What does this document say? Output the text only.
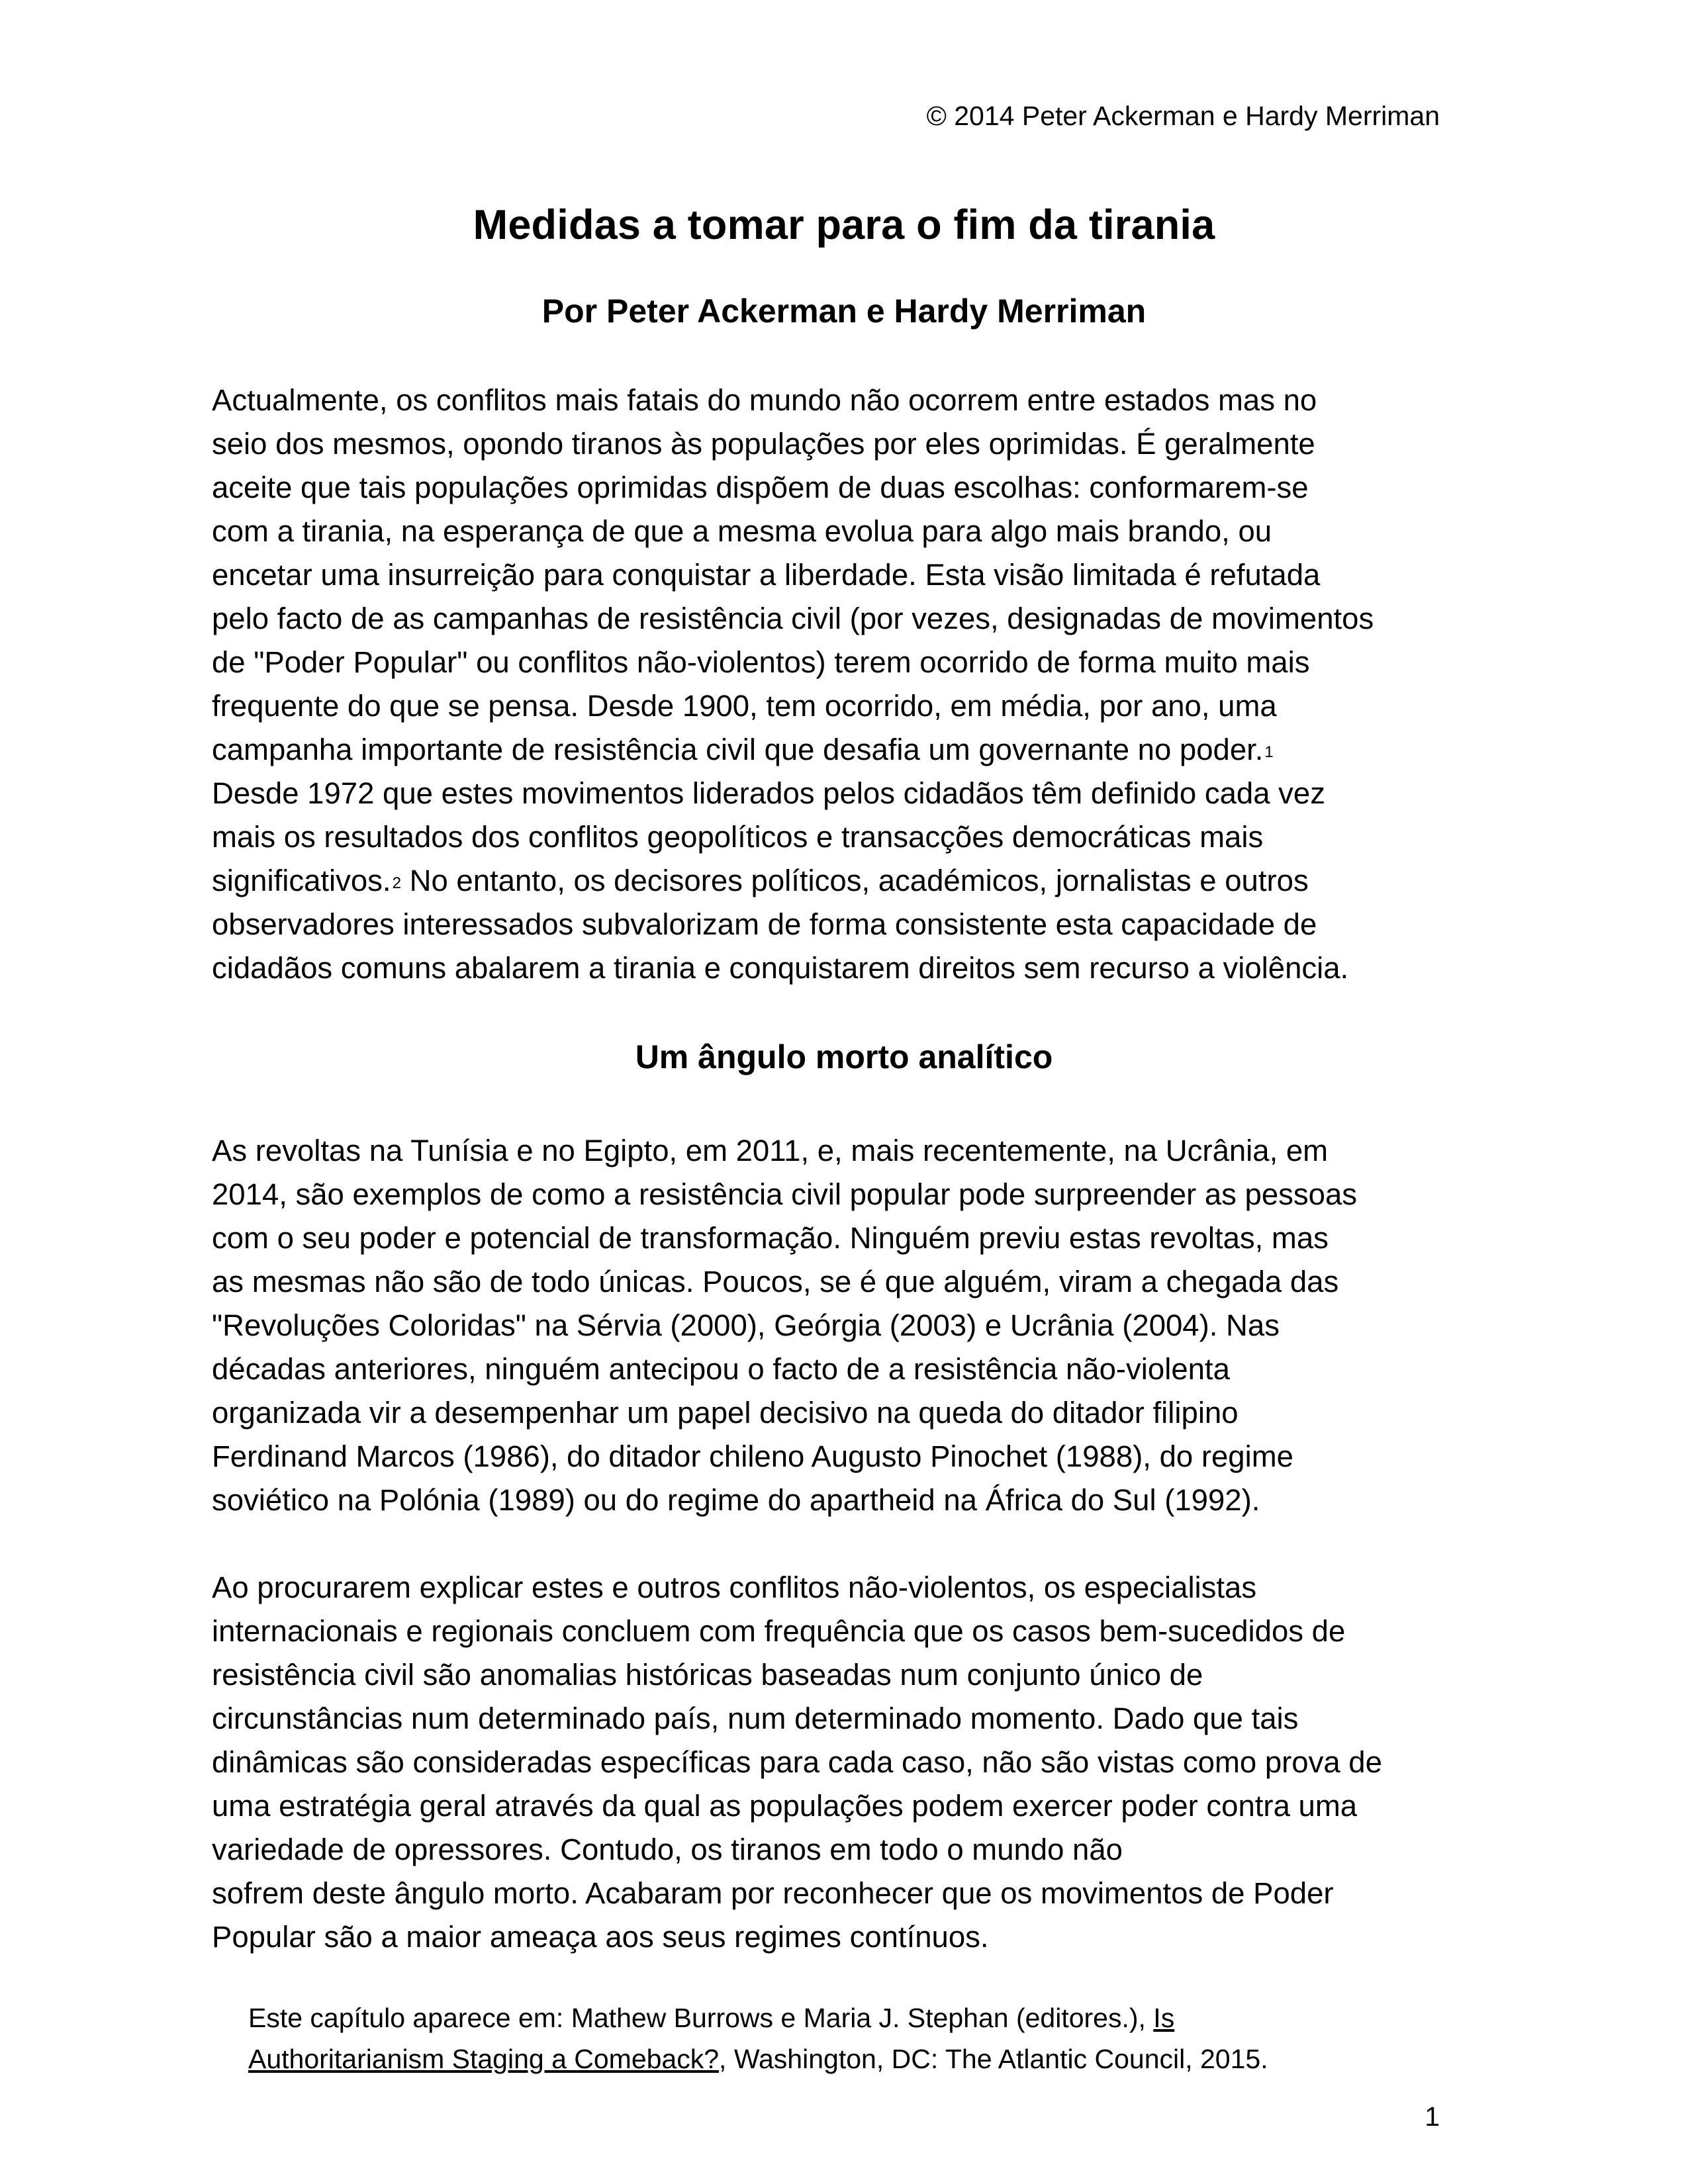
© 2014 Peter Ackerman e Hardy Merriman
Medidas a tomar para o fim da tirania
Por Peter Ackerman e Hardy Merriman
Actualmente, os conflitos mais fatais do mundo não ocorrem entre estados mas no
seio dos mesmos, opondo tiranos às populações por eles oprimidas. É geralmente
aceite que tais populações oprimidas dispõem de duas escolhas: conformarem-se
com a tirania, na esperança de que a mesma evolua para algo mais brando, ou
encetar uma insurreição para conquistar a liberdade. Esta visão limitada é refutada
pelo facto de as campanhas de resistência civil (por vezes, designadas de movimentos
de "Poder Popular" ou conflitos não-violentos) terem ocorrido de forma muito mais
frequente do que se pensa. Desde 1900, tem ocorrido, em média, por ano, uma
campanha importante de resistência civil que desafia um governante no poder.$^1$
Desde 1972 que estes movimentos liderados pelos cidadãos têm definido cada vez
mais os resultados dos conflitos geopolíticos e transacções democráticas mais
significativos.$^2$ No entanto, os decisores políticos, académicos, jornalistas e outros
observadores interessados subvalorizam de forma consistente esta capacidade de
cidadãos comuns abalarem a tirania e conquistarem direitos sem recurso a violência.
Um ângulo morto analítico
As revoltas na Tunísia e no Egipto, em 2011, e, mais recentemente, na Ucrânia, em
2014, são exemplos de como a resistência civil popular pode surpreender as pessoas
com o seu poder e potencial de transformação. Ninguém previu estas revoltas, mas
as mesmas não são de todo únicas. Poucos, se é que alguém, viram a chegada das
"Revoluções Coloridas" na Sérvia (2000), Geórgia (2003) e Ucrânia (2004). Nas
décadas anteriores, ninguém antecipou o facto de a resistência não-violenta
organizada vir a desempenhar um papel decisivo na queda do ditador filipino
Ferdinand Marcos (1986), do ditador chileno Augusto Pinochet (1988), do regime
soviético na Polónia (1989) ou do regime do apartheid na África do Sul (1992).
Ao procurarem explicar estes e outros conflitos não-violentos, os especialistas
internacionais e regionais concluem com frequência que os casos bem-sucedidos de
resistência civil são anomalias históricas baseadas num conjunto único de
circunstâncias num determinado país, num determinado momento. Dado que tais
dinâmicas são consideradas específicas para cada caso, não são vistas como prova de
uma estratégia geral através da qual as populações podem exercer poder contra uma
variedade de opressores. Contudo, os tiranos em todo o mundo não
sofrem deste ângulo morto. Acabaram por reconhecer que os movimentos de Poder
Popular são a maior ameaça aos seus regimes contínuos.
Este capítulo aparece em: Mathew Burrows e Maria J. Stephan (editores.), Is
Authoritarianism Staging a Comeback?, Washington, DC: The Atlantic Council, 2015.
1
